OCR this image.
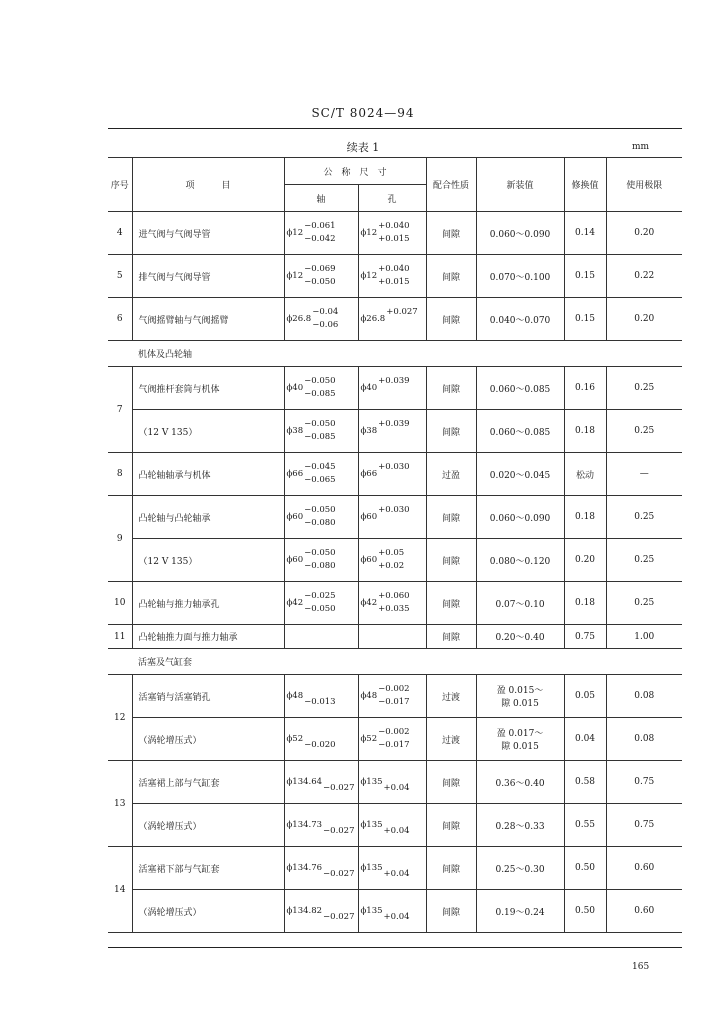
SC/T 8024—94
续表 1	mm
序号	项　　　目	公　称　尺　寸		配合性质	新装值	修换值	使用极限
		轴	孔				
4	进气阀与气阀导管	ϕ12
−0.061
−0.042	ϕ12
+0.040
+0.015	间隙	0.060～0.090	0.14	0.20
5	排气阀与气阀导管	ϕ12
−0.069
−0.050	ϕ12
+0.040
+0.015	间隙	0.070～0.100	0.15	0.22
6	气阀摇臂轴与气阀摇臂	ϕ26.8
−0.04
−0.06	ϕ26.8
+0.027	间隙	0.040～0.070	0.15	0.20
机体及凸轮轴							
7	气阀推杆套筒与机体	ϕ40
−0.050
−0.085	ϕ40
+0.039	间隙	0.060～0.085	0.16	0.25
	（12 V 135）	ϕ38
−0.050
−0.085	ϕ38
+0.039	间隙	0.060～0.085	0.18	0.25
8	凸轮轴轴承与机体	ϕ66
−0.045
−0.065	ϕ66
+0.030	过盈	0.020～0.045	松动	—
9	凸轮轴与凸轮轴承	ϕ60
−0.050
−0.080	ϕ60
+0.030	间隙	0.060～0.090	0.18	0.25
	（12 V 135）	ϕ60
−0.050
−0.080	ϕ60
+0.05
+0.02	间隙	0.080～0.120	0.20	0.25
10	凸轮轴与推力轴承孔	ϕ42
−0.025
−0.050	ϕ42
+0.060
+0.035	间隙	0.07～0.10	0.18	0.25
11	凸轮轴推力面与推力轴承			间隙	0.20～0.40	0.75	1.00
活塞及气缸套							
12	活塞销与活塞销孔	ϕ48
−0.013	ϕ48
−0.002
−0.017	过渡	盈 0.015～
隙 0.015	0.05	0.08
	（涡轮增压式）	ϕ52
−0.020	ϕ52
−0.002
−0.017	过渡	盈 0.017～
隙 0.015	0.04	0.08
13	活塞裙上部与气缸套	ϕ134.64
−0.027	ϕ135
+0.04	间隙	0.36～0.40	0.58	0.75
	（涡轮增压式）	ϕ134.73
−0.027	ϕ135
+0.04	间隙	0.28～0.33	0.55	0.75
14	活塞裙下部与气缸套	ϕ134.76
−0.027	ϕ135
+0.04	间隙	0.25～0.30	0.50	0.60
	（涡轮增压式）	ϕ134.82
−0.027	ϕ135
+0.04	间隙	0.19～0.24	0.50	0.60
165
